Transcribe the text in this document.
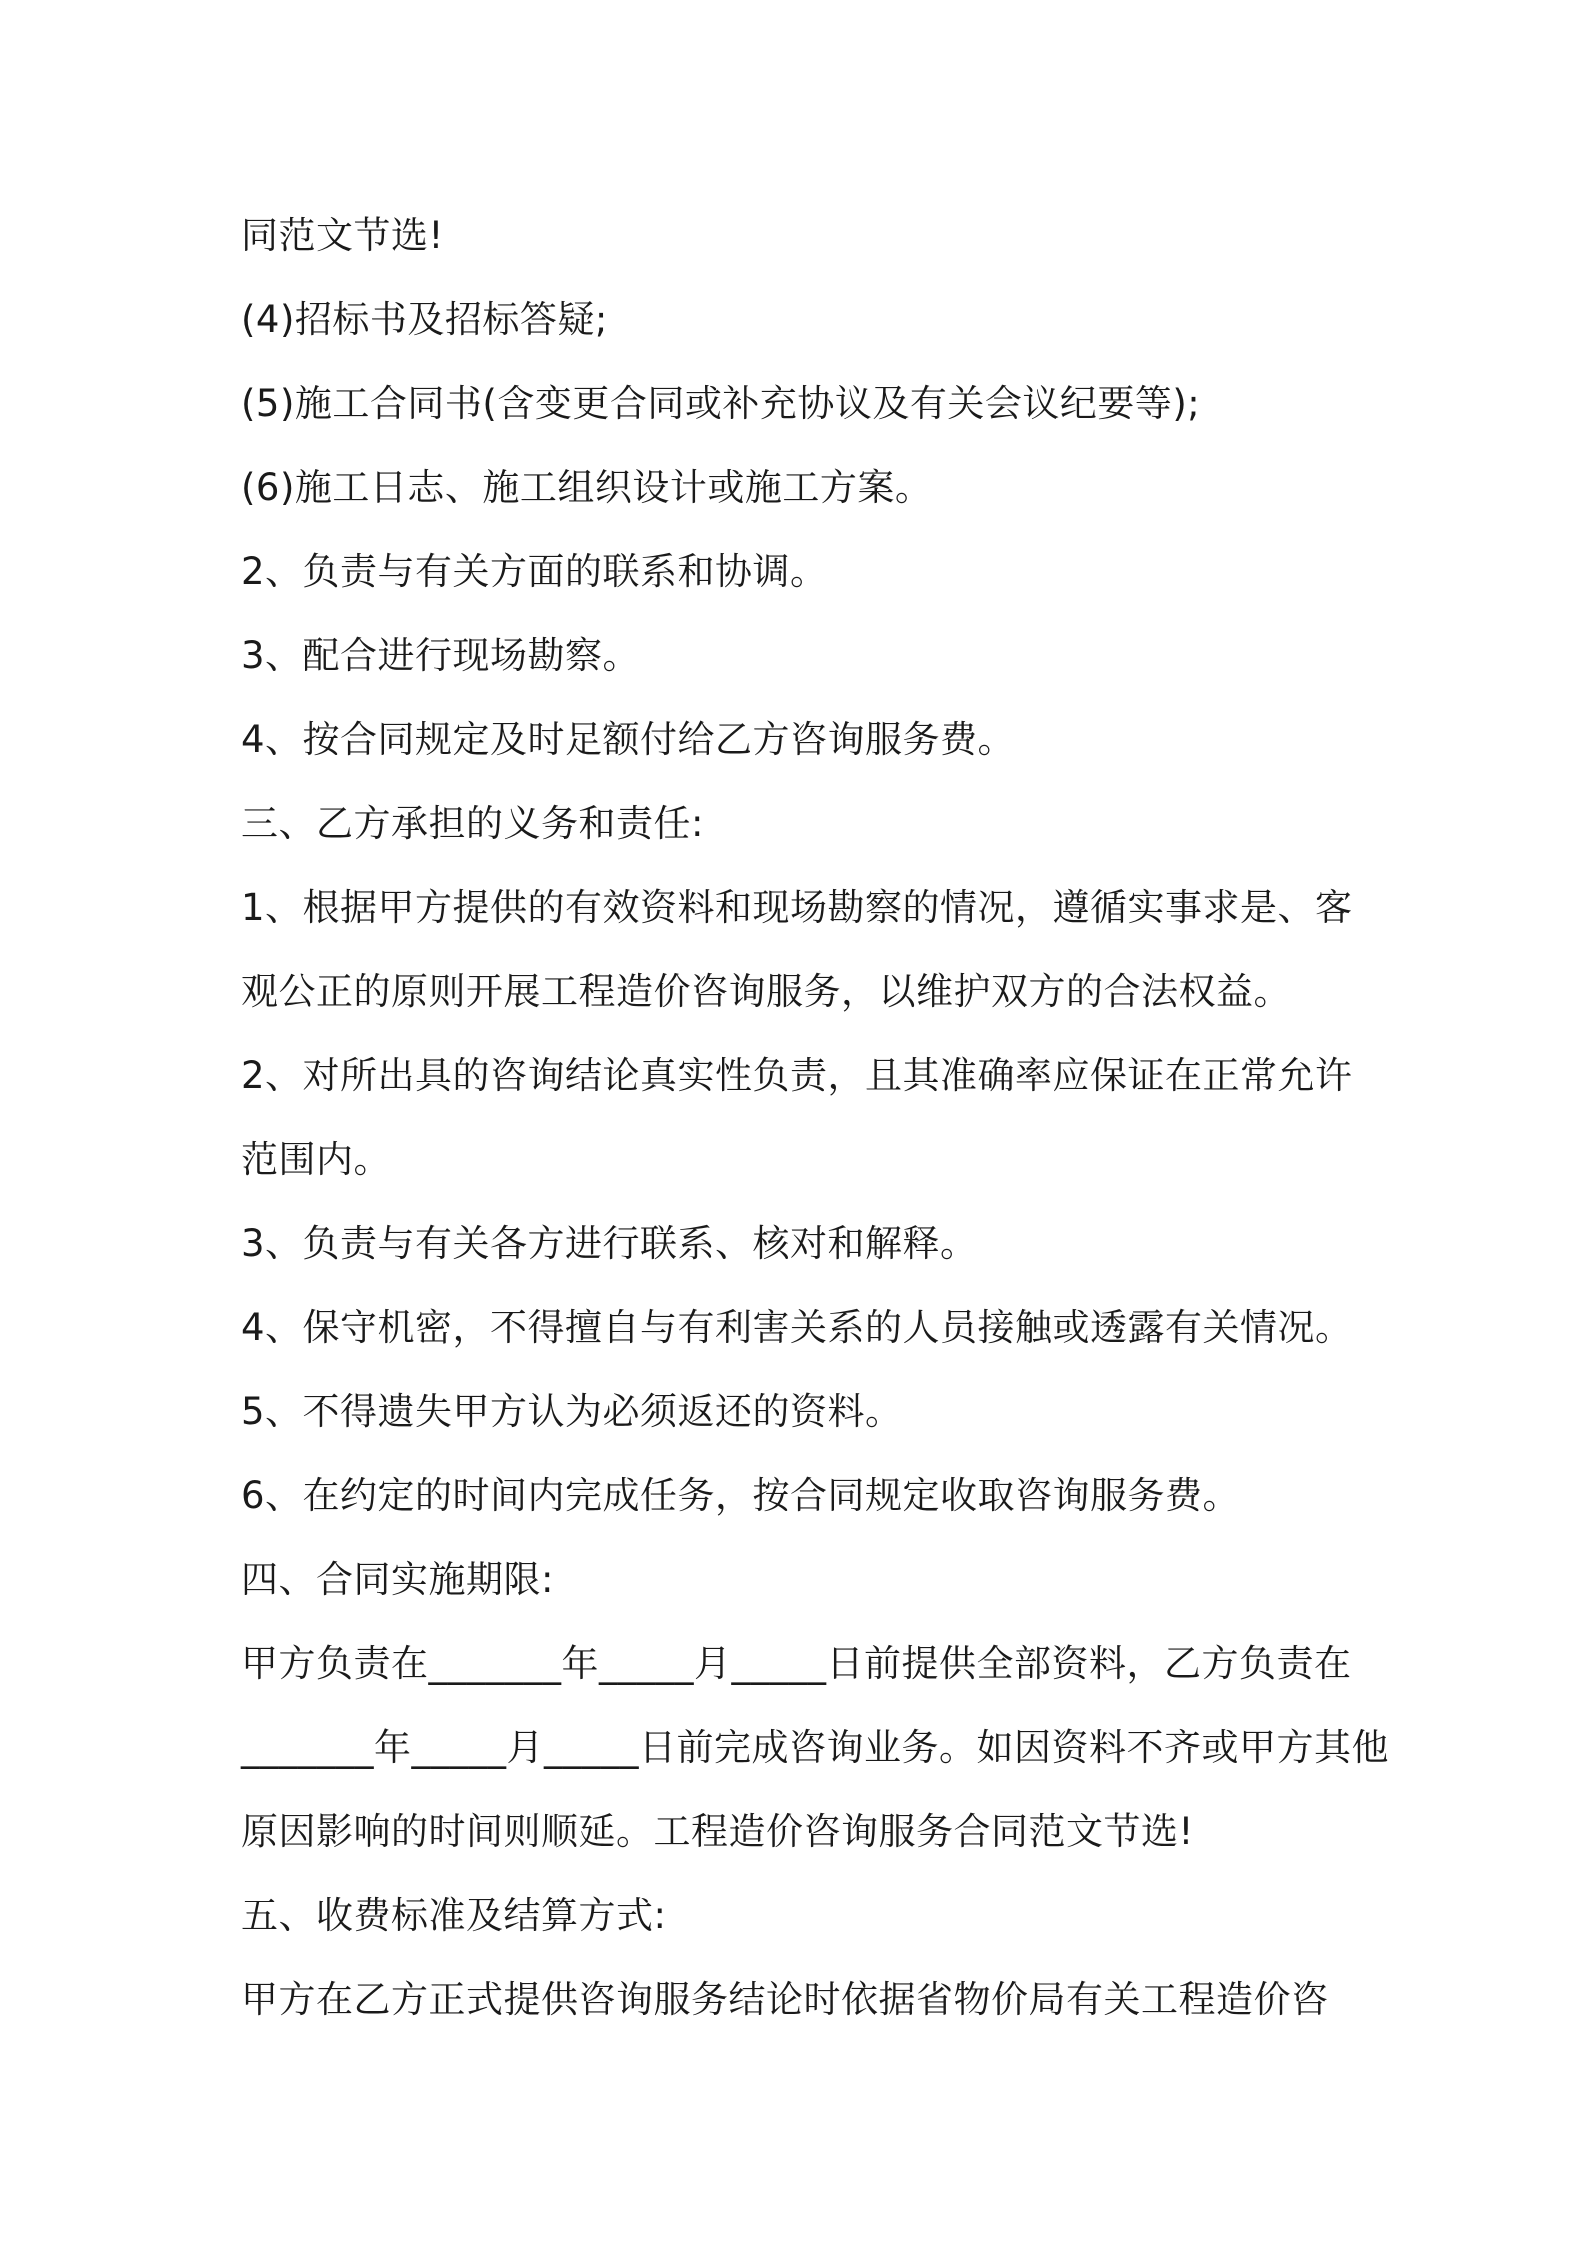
同范文节选!
(4)招标书及招标答疑;
(5)施工合同书(含变更合同或补充协议及有关会议纪要等);
(6)施工日志、施工组织设计或施工方案。
2、负责与有关方面的联系和协调。
3、配合进行现场勘察。
4、按合同规定及时足额付给乙方咨询服务费。
三、乙方承担的义务和责任:
1、根据甲方提供的有效资料和现场勘察的情况，遵循实事求是、客
观公正的原则开展工程造价咨询服务，以维护双方的合法权益。
2、对所出具的咨询结论真实性负责，且其准确率应保证在正常允许
范围内。
3、负责与有关各方进行联系、核对和解释。
4、保守机密，不得擅自与有利害关系的人员接触或透露有关情况。
5、不得遗失甲方认为必须返还的资料。
6、在约定的时间内完成任务，按合同规定收取咨询服务费。
四、合同实施期限:
甲方负责在_______年_____月_____日前提供全部资料，乙方负责在
_______年_____月_____日前完成咨询业务。如因资料不齐或甲方其他
原因影响的时间则顺延。工程造价咨询服务合同范文节选!
五、收费标准及结算方式:
甲方在乙方正式提供咨询服务结论时依据省物价局有关工程造价咨
